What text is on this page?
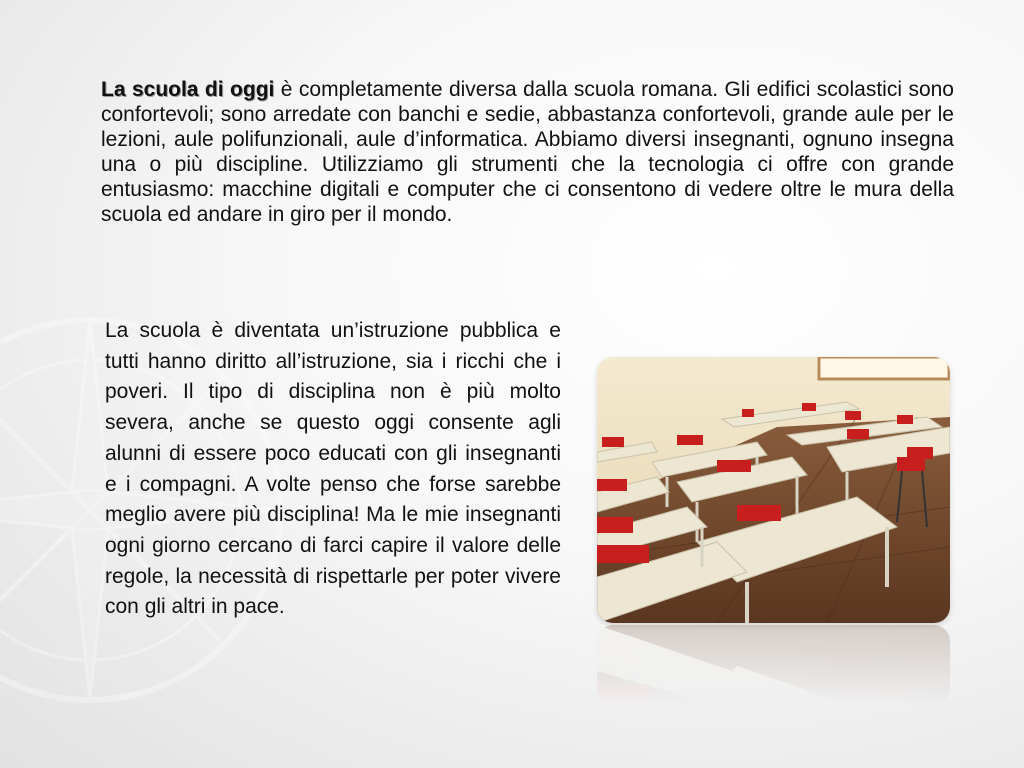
La scuola di oggi è completamente diversa dalla scuola romana. Gli edifici scolastici sono confortevoli; sono arredate con banchi e sedie, abbastanza confortevoli, grande aule per le lezioni, aule polifunzionali, aule d’informatica. Abbiamo diversi insegnanti, ognuno insegna una o più discipline. Utilizziamo gli strumenti che la tecnologia ci offre con grande entusiasmo: macchine digitali e computer che ci consentono di vedere oltre le mura della scuola ed andare in giro per il mondo.

La scuola è diventata un’istruzione pubblica e tutti hanno diritto all’istruzione, sia i ricchi che i poveri. Il tipo di disciplina non è più molto severa, anche se questo oggi consente agli alunni di essere poco educati con gli insegnanti e i compagni. A volte penso che forse sarebbe meglio avere più disciplina! Ma le mie insegnanti ogni giorno cercano di farci capire il valore delle regole, la necessità di rispettarle per poter vivere con gli altri in pace.
